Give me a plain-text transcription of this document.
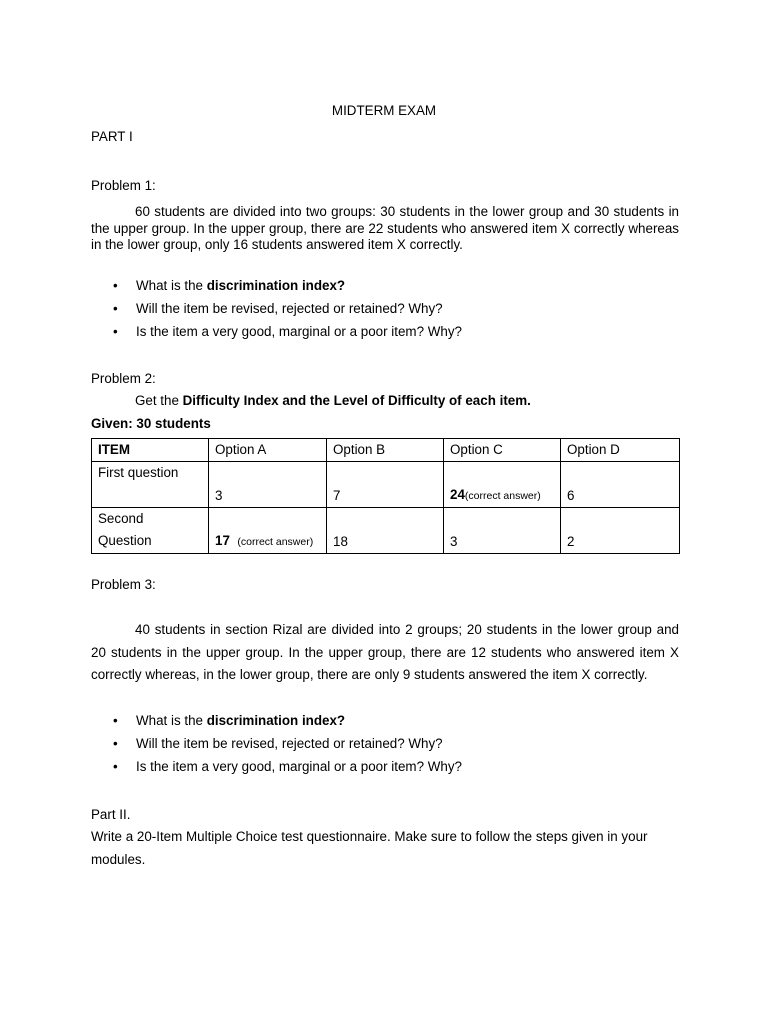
MIDTERM EXAM
PART I
Problem 1:
60 students are divided into two groups: 30 students in the lower group and 30 students in the upper group. In the upper group, there are 22 students who answered item X correctly whereas in the lower group, only 16 students answered item X correctly.
• What is the discrimination index?
• Will the item be revised, rejected or retained? Why?
• Is the item a very good, marginal or a poor item? Why?
Problem 2:
Get the Difficulty Index and the Level of Difficulty of each item.
Given: 30 students
ITEM	Option A	Option B	Option C	Option D
First question	3	7	24(correct answer)	6

Second
Question	17 (correct answer)	18	3	2
Problem 3:
40 students in section Rizal are divided into 2 groups; 20 students in the lower group and 20 students in the upper group. In the upper group, there are 12 students who answered item X correctly whereas, in the lower group, there are only 9 students answered the item X correctly.
• What is the discrimination index?
• Will the item be revised, rejected or retained? Why?
• Is the item a very good, marginal or a poor item? Why?
Part II.
Write a 20-Item Multiple Choice test questionnaire. Make sure to follow the steps given in your modules.
